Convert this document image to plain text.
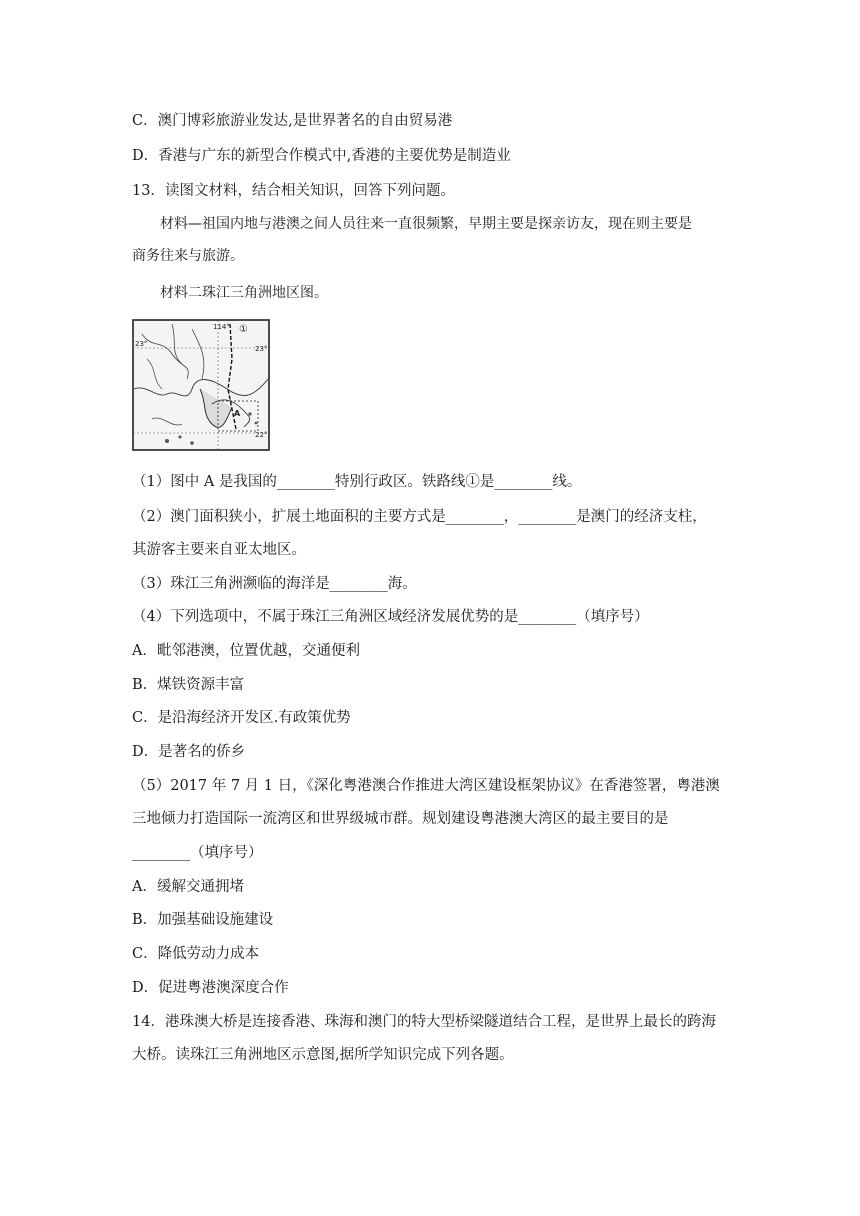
C．澳门博彩旅游业发达,是世界著名的自由贸易港
D．香港与广东的新型合作模式中,香港的主要优势是制造业
13．读图文材料，结合相关知识，回答下列问题。
材料—祖国内地与港澳之间人员往来一直很频繁，早期主要是探亲访友，现在则主要是
商务往来与旅游。
材料二珠江三角洲地区图。
114°
23°
23°
22°
①
A
（1）图中 A 是我国的________特别行政区。铁路线①是________线。
（2）澳门面积狭小，扩展土地面积的主要方式是________，________是澳门的经济支柱，
其游客主要来自亚太地区。
（3）珠江三角洲濒临的海洋是________海。
（4）下列选项中，不属于珠江三角洲区域经济发展优势的是________（填序号）
A．毗邻港澳，位置优越，交通便利
B．煤铁资源丰富
C．是沿海经济开发区.有政策优势
D．是著名的侨乡
（5）2017 年 7 月 1 日，《深化粤港澳合作推进大湾区建设框架协议》在香港签署，粤港澳
三地倾力打造国际一流湾区和世界级城市群。规划建设粤港澳大湾区的最主要目的是
________（填序号）
A．缓解交通拥堵
B．加强基础设施建设
C．降低劳动力成本
D．促进粤港澳深度合作
14．港珠澳大桥是连接香港、珠海和澳门的特大型桥梁隧道结合工程，是世界上最长的跨海
大桥。读珠江三角洲地区示意图,据所学知识完成下列各题。
